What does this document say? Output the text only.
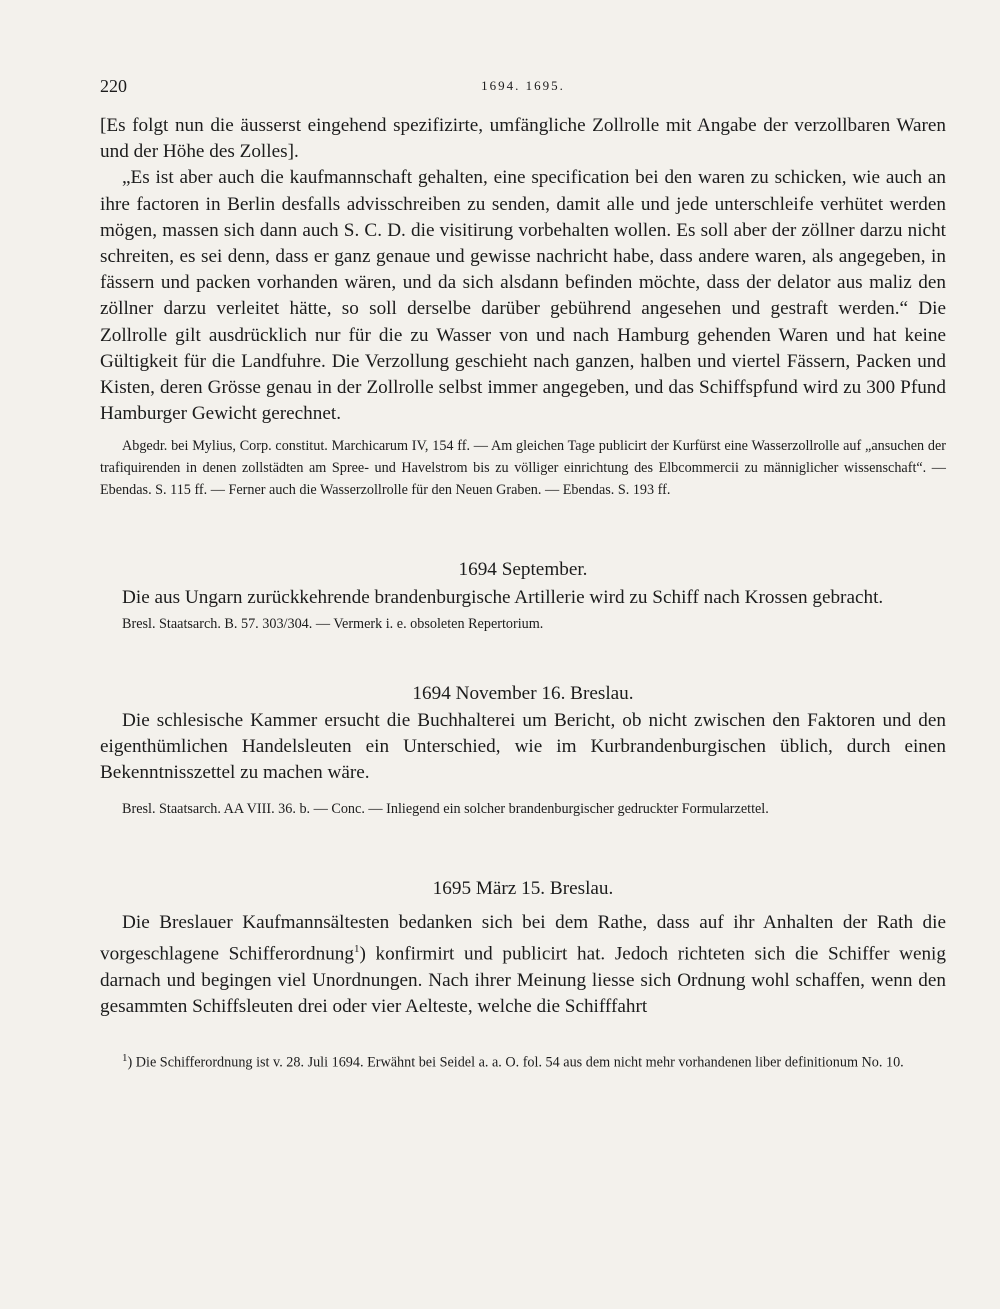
220	1694. 1695.

[Es folgt nun die äusserst eingehend spezifizirte, umfängliche Zollrolle mit Angabe der verzollbaren Waren und der Höhe des Zolles].

„Es ist aber auch die kaufmannschaft gehalten, eine specification bei den waren zu schicken, wie auch an ihre factoren in Berlin desfalls advisschreiben zu senden, damit alle und jede unterschleife verhütet werden mögen, massen sich dann auch S. C. D. die visitirung vorbehalten wollen. Es soll aber der zöllner darzu nicht schreiten, es sei denn, dass er ganz genaue und gewisse nachricht habe, dass andere waren, als angegeben, in fässern und packen vorhanden wären, und da sich alsdann befinden möchte, dass der delator aus maliz den zöllner darzu verleitet hätte, so soll derselbe darüber gebührend angesehen und gestraft werden.“ Die Zollrolle gilt ausdrücklich nur für die zu Wasser von und nach Hamburg gehenden Waren und hat keine Gültigkeit für die Landfuhre. Die Verzollung geschieht nach ganzen, halben und viertel Fässern, Packen und Kisten, deren Grösse genau in der Zollrolle selbst immer angegeben, und das Schiffspfund wird zu 300 Pfund Hamburger Gewicht gerechnet.

Abgedr. bei Mylius, Corp. constitut. Marchicarum IV, 154 ff. — Am gleichen Tage publicirt der Kurfürst eine Wasserzollrolle auf „ansuchen der trafiquirenden in denen zollstädten am Spree- und Havelstrom bis zu völliger einrichtung des Elbcommercii zu männiglicher wissenschaft“. — Ebendas. S. 115 ff. — Ferner auch die Wasserzollrolle für den Neuen Graben. — Ebendas. S. 193 ff.

1694 September.

Die aus Ungarn zurückkehrende brandenburgische Artillerie wird zu Schiff nach Krossen gebracht.

Bresl. Staatsarch. B. 57. 303/304. — Vermerk i. e. obsoleten Repertorium.

1694 November 16. Breslau.

Die schlesische Kammer ersucht die Buchhalterei um Bericht, ob nicht zwischen den Faktoren und den eigenthümlichen Handelsleuten ein Unterschied, wie im Kurbrandenburgischen üblich, durch einen Bekenntnisszettel zu machen wäre.

Bresl. Staatsarch. AA VIII. 36. b. — Conc. — Inliegend ein solcher brandenburgischer gedruckter Formularzettel.

1695 März 15. Breslau.

Die Breslauer Kaufmannsältesten bedanken sich bei dem Rathe, dass auf ihr Anhalten der Rath die vorgeschlagene Schifferordnung$^1$) konfirmirt und publicirt hat. Jedoch richteten sich die Schiffer wenig darnach und begingen viel Unordnungen. Nach ihrer Meinung liesse sich Ordnung wohl schaffen, wenn den gesammten Schiffsleuten drei oder vier Aelteste, welche die Schifffahrt

$^1$) Die Schifferordnung ist v. 28. Juli 1694. Erwähnt bei Seidel a. a. O. fol. 54 aus dem nicht mehr vorhandenen liber definitionum No. 10.
